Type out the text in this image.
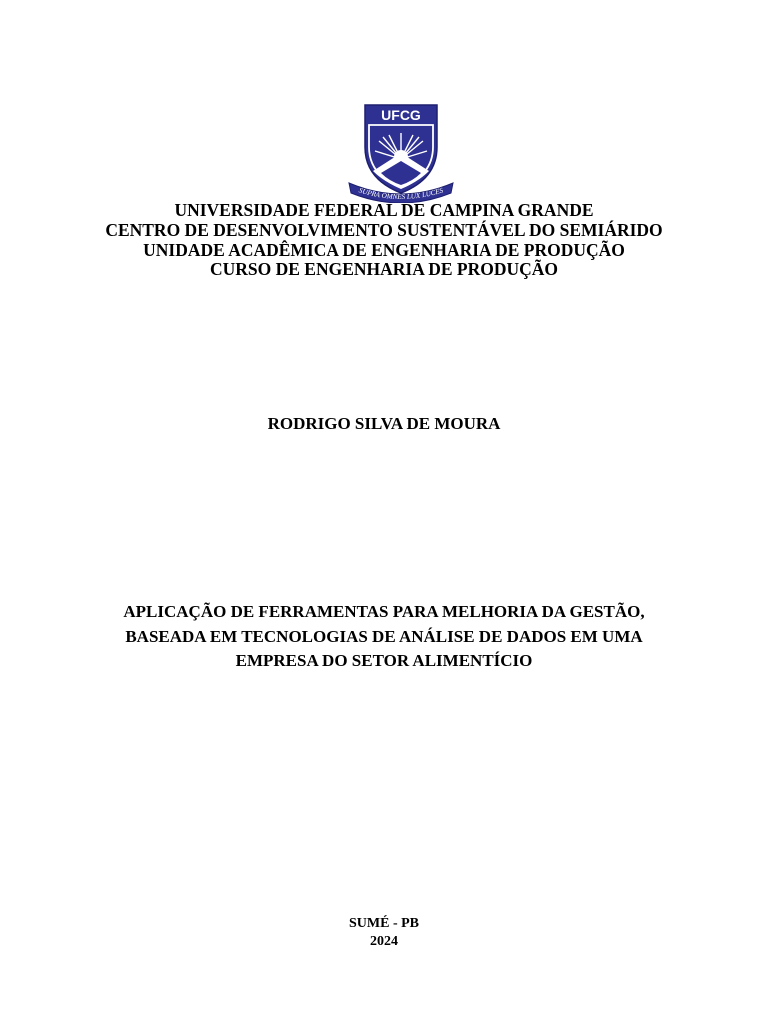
UFCG
SUPRA OMNES LUX LUCES
UNIVERSIDADE FEDERAL DE CAMPINA GRANDE
CENTRO DE DESENVOLVIMENTO SUSTENTÁVEL DO SEMIÁRIDO
UNIDADE ACADÊMICA DE ENGENHARIA DE PRODUÇÃO
CURSO DE ENGENHARIA DE PRODUÇÃO
RODRIGO SILVA DE MOURA
APLICAÇÃO DE FERRAMENTAS PARA MELHORIA DA GESTÃO,
BASEADA EM TECNOLOGIAS DE ANÁLISE DE DADOS EM UMA
EMPRESA DO SETOR ALIMENTÍCIO
SUMÉ - PB
2024
